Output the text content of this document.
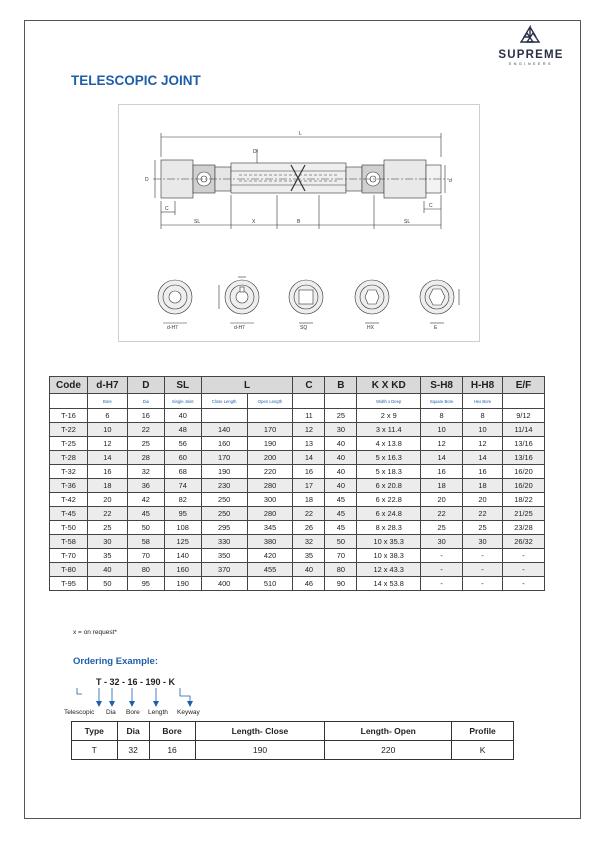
SUPREME
ENGINEERS
TELESCOPIC JOINT
L
Dl
D	d
C	C
SL	X	B	SL
d-H7	d-H7	SQ	HX	E
Code	d-H7	D	SL	L		C	B	K X KD	S-H8	H-H8	E/F
	Bore	Dia	Single Joint	Close Length	Open Length			Width x Deep	Square Bore	Hex Bore	
T-16	6	16	40			11	25	2 x 9	8	8	9/12
T-22	10	22	48	140	170	12	30	3 x 11.4	10	10	11/14
T-25	12	25	56	160	190	13	40	4 x 13.8	12	12	13/16
T-28	14	28	60	170	200	14	40	5 x 16.3	14	14	13/16
T-32	16	32	68	190	220	16	40	5 x 18.3	16	16	16/20
T-36	18	36	74	230	280	17	40	6 x 20.8	18	18	16/20
T-42	20	42	82	250	300	18	45	6 x 22.8	20	20	18/22
T-45	22	45	95	250	280	22	45	6 x 24.8	22	22	21/25
T-50	25	50	108	295	345	26	45	8 x 28.3	25	25	23/28
T-58	30	58	125	330	380	32	50	10 x 35.3	30	30	26/32
T-70	35	70	140	350	420	35	70	10 x 38.3	-	-	-
T-80	40	80	160	370	455	40	80	12 x 43.3	-	-	-
T-95	50	95	190	400	510	46	90	14 x 53.8	-	-	-
x = on request*
Ordering Example:
T - 32 - 16 - 190 - K
Telescopic Dia Bore Length Keyway
Type	Dia	Bore	Length- Close	Length- Open	Profile
T	32	16	190	220	K
